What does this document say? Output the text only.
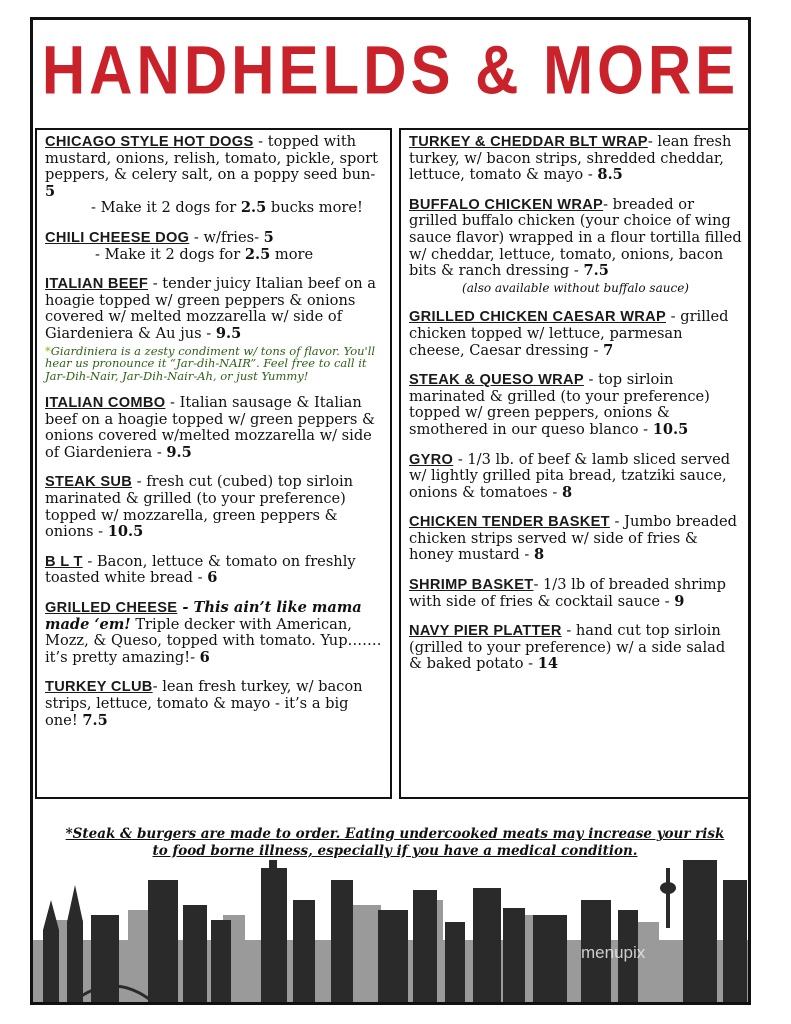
HANDHELDS & MORE
CHICAGO STYLE HOT DOGS - topped with mustard, onions, relish, tomato, pickle, sport peppers, & celery salt, on a poppy seed bun- 5
- Make it 2 dogs for 2.5 bucks more!
CHILI CHEESE DOG - w/fries- 5
- Make it 2 dogs for 2.5 more
ITALIAN BEEF - tender juicy Italian beef on a hoagie topped w/ green peppers & onions covered w/ melted mozzarella w/ side of Giardeniera & Au jus - 9.5
*Giardiniera is a zesty condiment w/ tons of flavor. You'll hear us pronounce it “Jar-dih-NAIR”. Feel free to call it Jar-Dih-Nair, Jar-Dih-Nair-Ah, or just Yummy!
ITALIAN COMBO - Italian sausage & Italian beef on a hoagie topped w/ green peppers & onions covered w/melted mozzarella w/ side of Giardeniera - 9.5
STEAK SUB - fresh cut (cubed) top sirloin marinated & grilled (to your preference) topped w/ mozzarella, green peppers & onions - 10.5
B L T - Bacon, lettuce & tomato on freshly toasted white bread - 6
GRILLED CHEESE - This ain’t like mama made ‘em! Triple decker with American, Mozz, & Queso, topped with tomato. Yup……. it’s pretty amazing!- 6
TURKEY CLUB- lean fresh turkey, w/ bacon strips, lettuce, tomato & mayo - it’s a big one! 7.5
TURKEY & CHEDDAR BLT WRAP- lean fresh turkey, w/ bacon strips, shredded cheddar, lettuce, tomato & mayo - 8.5
BUFFALO CHICKEN WRAP- breaded or grilled buffalo chicken (your choice of wing sauce flavor) wrapped in a flour tortilla filled w/ cheddar, lettuce, tomato, onions, bacon bits & ranch dressing - 7.5
(also available without buffalo sauce)
GRILLED CHICKEN CAESAR WRAP - grilled chicken topped w/ lettuce, parmesan cheese, Caesar dressing - 7
STEAK & QUESO WRAP - top sirloin marinated & grilled (to your preference) topped w/ green peppers, onions & smothered in our queso blanco - 10.5
GYRO - 1/3 lb. of beef & lamb sliced served w/ lightly grilled pita bread, tzatziki sauce, onions & tomatoes - 8
CHICKEN TENDER BASKET - Jumbo breaded chicken strips served w/ side of fries & honey mustard - 8
SHRIMP BASKET- 1/3 lb of breaded shrimp with side of fries & cocktail sauce - 9
NAVY PIER PLATTER - hand cut top sirloin (grilled to your preference) w/ a side salad & baked potato - 14

*Steak & burgers are made to order. Eating undercooked meats may increase your risk to food borne illness, especially if you have a medical condition.

menupix
